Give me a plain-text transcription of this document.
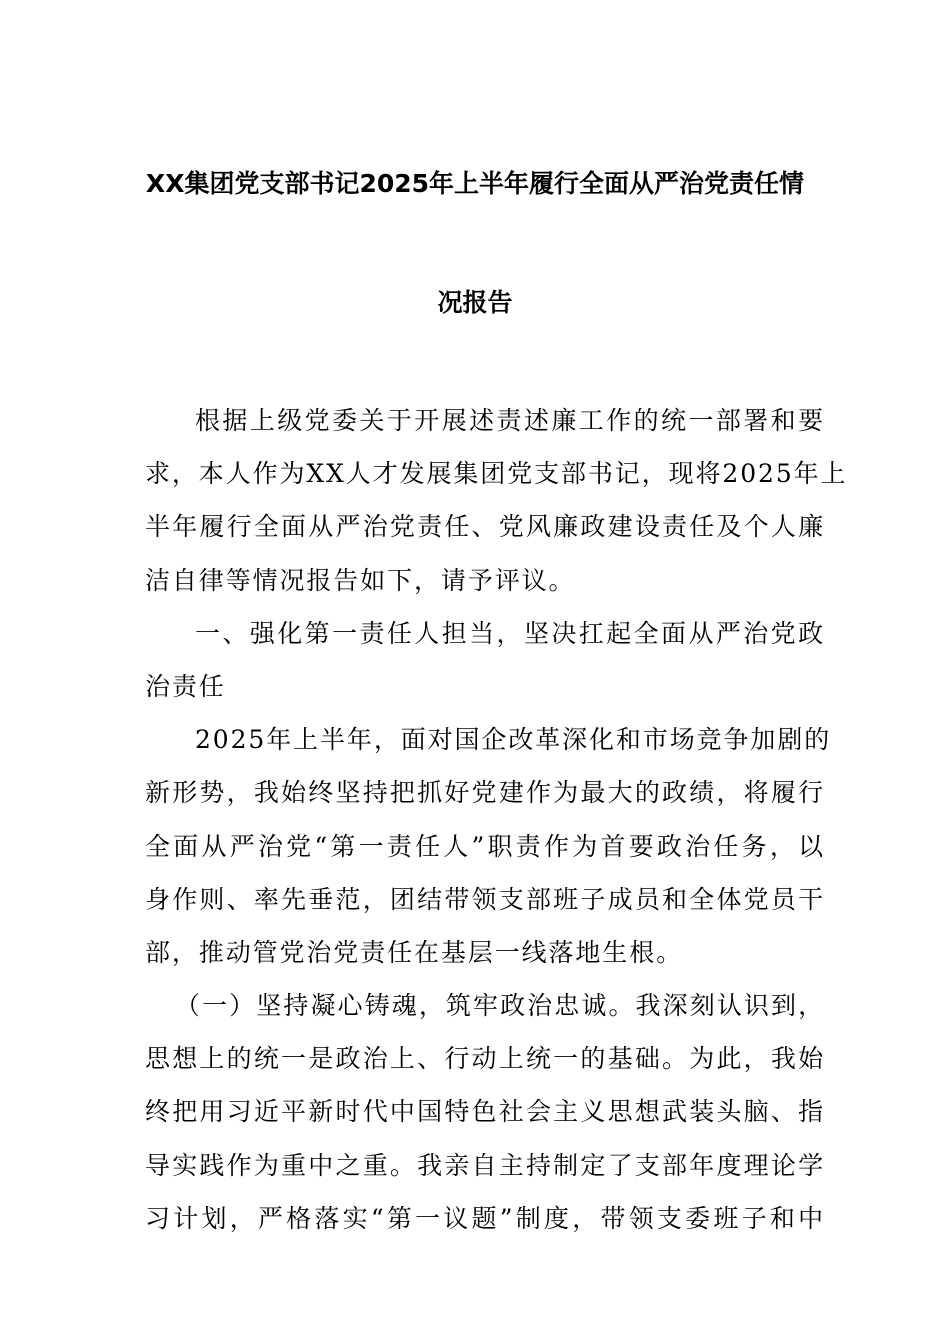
XX集团党支部书记2025年上半年履行全面从严治党责任情
况报告
根据上级党委关于开展述责述廉工作的统一部署和要
求，本人作为XX人才发展集团党支部书记，现将2025年上
半年履行全面从严治党责任、党风廉政建设责任及个人廉
洁自律等情况报告如下，请予评议。
一、强化第一责任人担当，坚决扛起全面从严治党政
治责任
2025年上半年，面对国企改革深化和市场竞争加剧的
新形势，我始终坚持把抓好党建作为最大的政绩，将履行
全面从严治党“第一责任人”职责作为首要政治任务，以
身作则、率先垂范，团结带领支部班子成员和全体党员干
部，推动管党治党责任在基层一线落地生根。
（一）坚持凝心铸魂，筑牢政治忠诚。我深刻认识到，
思想上的统一是政治上、行动上统一的基础。为此，我始
终把用习近平新时代中国特色社会主义思想武装头脑、指
导实践作为重中之重。我亲自主持制定了支部年度理论学
习计划，严格落实“第一议题”制度，带领支委班子和中
